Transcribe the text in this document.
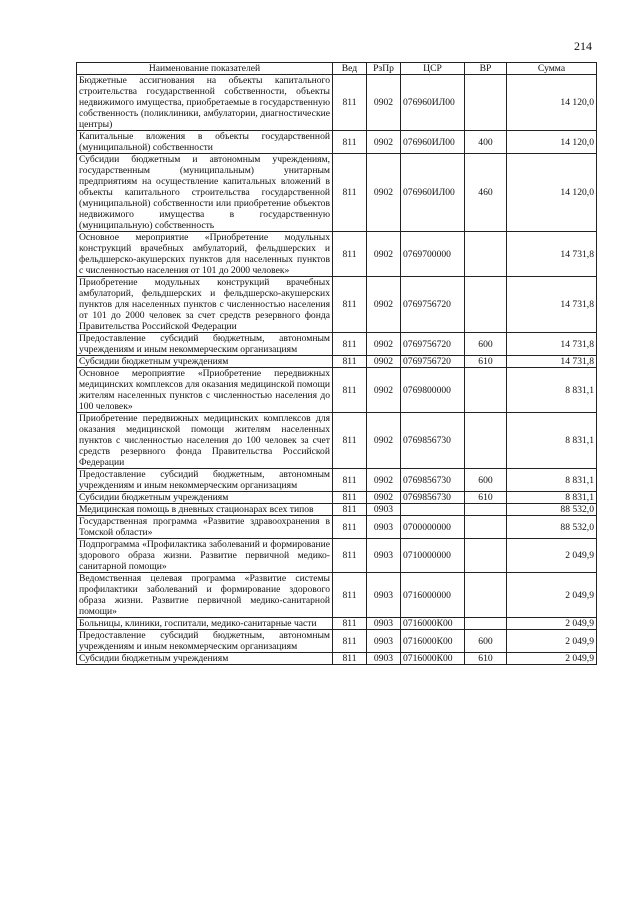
214
Наименование показателей	Вед	РзПр	ЦСР	ВР	Сумма
Бюджетные ассигнования на объекты капитального строительства государственной собственности, объекты недвижимого имущества, приобретаемые в государственную собственность (поликлиники, амбулатории, диагностические центры)	811	0902	076960ИЛ00		14 120,0
Капитальные вложения в объекты государственной (муниципальной) собственности	811	0902	076960ИЛ00	400	14 120,0
Субсидии бюджетным и автономным учреждениям, государственным (муниципальным) унитарным предприятиям на осуществление капитальных вложений в объекты капитального строительства государственной (муниципальной) собственности или приобретение объектов недвижимого имущества в государственную (муниципальную) собственность	811	0902	076960ИЛ00	460	14 120,0
Основное мероприятие «Приобретение модульных конструкций врачебных амбулаторий, фельдшерских и фельдшерско-акушерских пунктов для населенных пунктов с численностью населения от 101 до 2000 человек»	811	0902	0769700000		14 731,8
Приобретение модульных конструкций врачебных амбулаторий, фельдшерских и фельдшерско-акушерских пунктов для населенных пунктов с численностью населения от 101 до 2000 человек за счет средств резервного фонда Правительства Российской Федерации	811	0902	0769756720		14 731,8
Предоставление субсидий бюджетным, автономным учреждениям и иным некоммерческим организациям	811	0902	0769756720	600	14 731,8
Субсидии бюджетным учреждениям	811	0902	0769756720	610	14 731,8
Основное мероприятие «Приобретение передвижных медицинских комплексов для оказания медицинской помощи жителям населенных пунктов с численностью населения до 100 человек»	811	0902	0769800000		8 831,1
Приобретение передвижных медицинских комплексов для оказания медицинской помощи жителям населенных пунктов с численностью населения до 100 человек за счет средств резервного фонда Правительства Российской Федерации	811	0902	0769856730		8 831,1
Предоставление субсидий бюджетным, автономным учреждениям и иным некоммерческим организациям	811	0902	0769856730	600	8 831,1
Субсидии бюджетным учреждениям	811	0902	0769856730	610	8 831,1
Медицинская помощь в дневных стационарах всех типов	811	0903			88 532,0
Государственная программа «Развитие здравоохранения в Томской области»	811	0903	0700000000		88 532,0
Подпрограмма «Профилактика заболеваний и формирование здорового образа жизни. Развитие первичной медико-санитарной помощи»	811	0903	0710000000		2 049,9
Ведомственная целевая программа «Развитие системы профилактики заболеваний и формирование здорового образа жизни. Развитие первичной медико-санитарной помощи»	811	0903	0716000000		2 049,9
Больницы, клиники, госпитали, медико-санитарные части	811	0903	0716000К00		2 049,9
Предоставление субсидий бюджетным, автономным учреждениям и иным некоммерческим организациям	811	0903	0716000К00	600	2 049,9
Субсидии бюджетным учреждениям	811	0903	0716000К00	610	2 049,9
